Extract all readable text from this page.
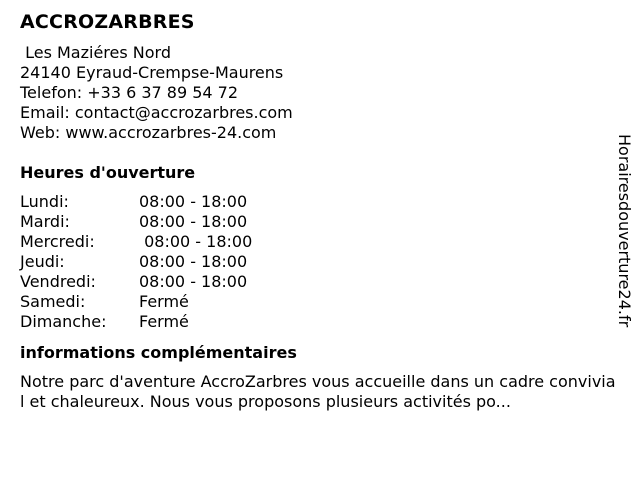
ACCROZARBRES
Les Maziéres Nord
24140 Eyraud-Crempse-Maurens
Telefon: +33 6 37 89 54 72
Email: contact@accrozarbres.com
Web: www.accrozarbres-24.com
Heures d'ouverture
Lundi:	08:00 - 18:00
Mardi:	08:00 - 18:00
Mercredi:	08:00 - 18:00
Jeudi:	08:00 - 18:00
Vendredi:	08:00 - 18:00
Samedi:	Fermé
Dimanche:	Fermé
informations complémentaires
Notre parc d'aventure AccroZarbres vous accueille dans un cadre convivial et chaleureux. Nous vous proposons plusieurs activités po...
Horairesdouverture24.fr
